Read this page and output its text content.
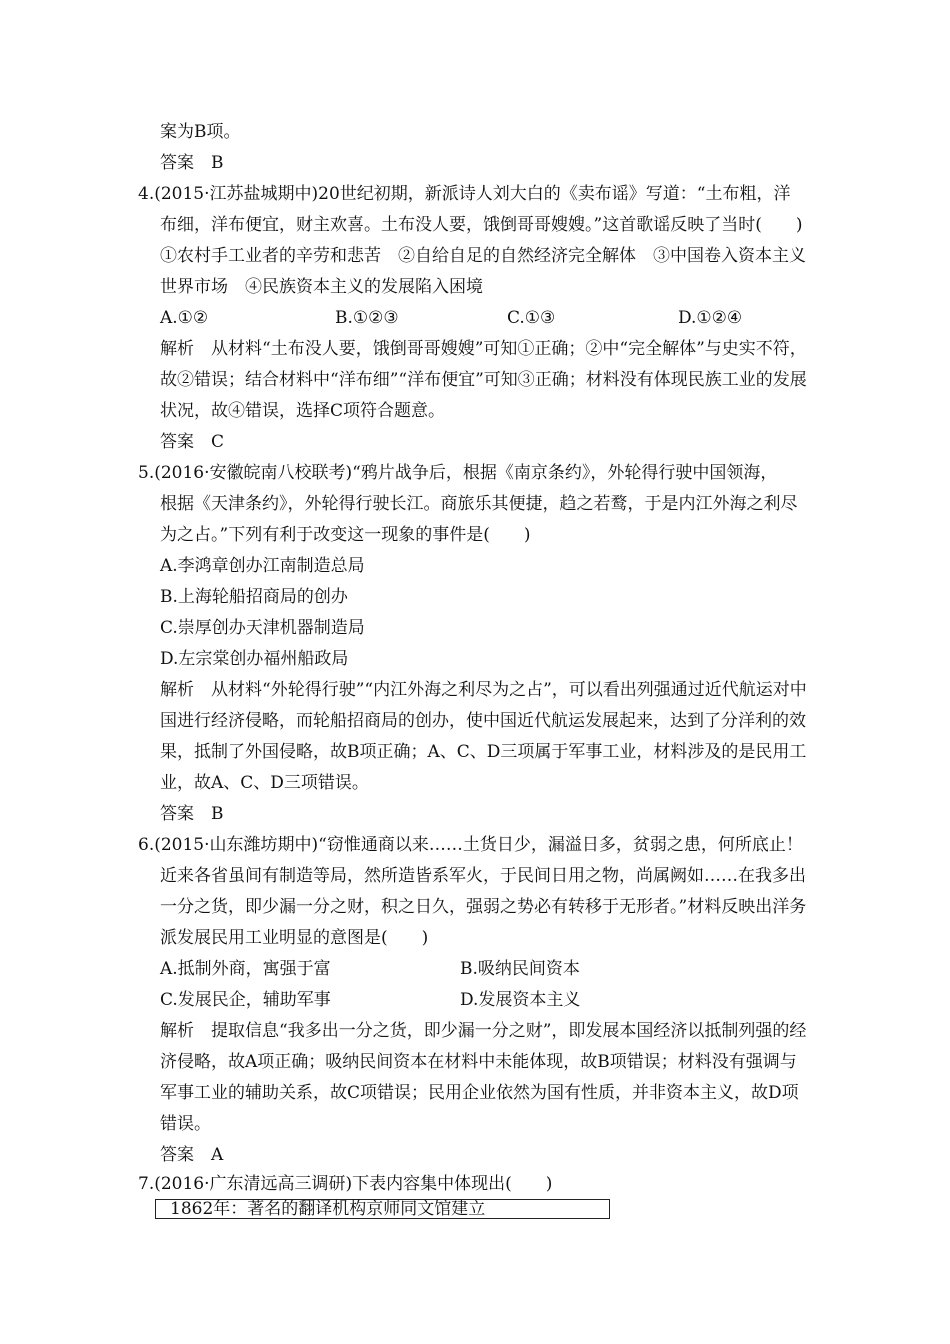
案为B项。
答案　B
4.(2015·江苏盐城期中)20世纪初期，新派诗人刘大白的《卖布谣》写道：“土布粗，洋
布细，洋布便宜，财主欢喜。土布没人要，饿倒哥哥嫂嫂。”这首歌谣反映了当时(　　)
①农村手工业者的辛劳和悲苦　②自给自足的自然经济完全解体　③中国卷入资本主义
世界市场　④民族资本主义的发展陷入困境
A.①②	B.①②③	C.①③	D.①②④
解析　从材料“土布没人要，饿倒哥哥嫂嫂”可知①正确；②中“完全解体”与史实不符，
故②错误；结合材料中“洋布细”“洋布便宜”可知③正确；材料没有体现民族工业的发展
状况，故④错误，选择C项符合题意。
答案　C
5.(2016·安徽皖南八校联考)“鸦片战争后，根据《南京条约》，外轮得行驶中国领海，
根据《天津条约》，外轮得行驶长江。商旅乐其便捷，趋之若鹜，于是内江外海之利尽
为之占。”下列有利于改变这一现象的事件是(　　)
A.李鸿章创办江南制造总局
B.上海轮船招商局的创办
C.崇厚创办天津机器制造局
D.左宗棠创办福州船政局
解析　从材料“外轮得行驶”“内江外海之利尽为之占”，可以看出列强通过近代航运对中
国进行经济侵略，而轮船招商局的创办，使中国近代航运发展起来，达到了分洋利的效
果，抵制了外国侵略，故B项正确；A、C、D三项属于军事工业，材料涉及的是民用工
业，故A、C、D三项错误。
答案　B
6.(2015·山东潍坊期中)“窃惟通商以来……土货日少，漏溢日多，贫弱之患，何所底止！
近来各省虽间有制造等局，然所造皆系军火，于民间日用之物，尚属阙如……在我多出
一分之货，即少漏一分之财，积之日久，强弱之势必有转移于无形者。”材料反映出洋务
派发展民用工业明显的意图是(　　)
A.抵制外商，寓强于富	B.吸纳民间资本
C.发展民企，辅助军事	D.发展资本主义
解析　提取信息“我多出一分之货，即少漏一分之财”，即发展本国经济以抵制列强的经
济侵略，故A项正确；吸纳民间资本在材料中未能体现，故B项错误；材料没有强调与
军事工业的辅助关系，故C项错误；民用企业依然为国有性质，并非资本主义，故D项
错误。
答案　A
7.(2016·广东清远高三调研)下表内容集中体现出(　　)
1862年：著名的翻译机构京师同文馆建立
